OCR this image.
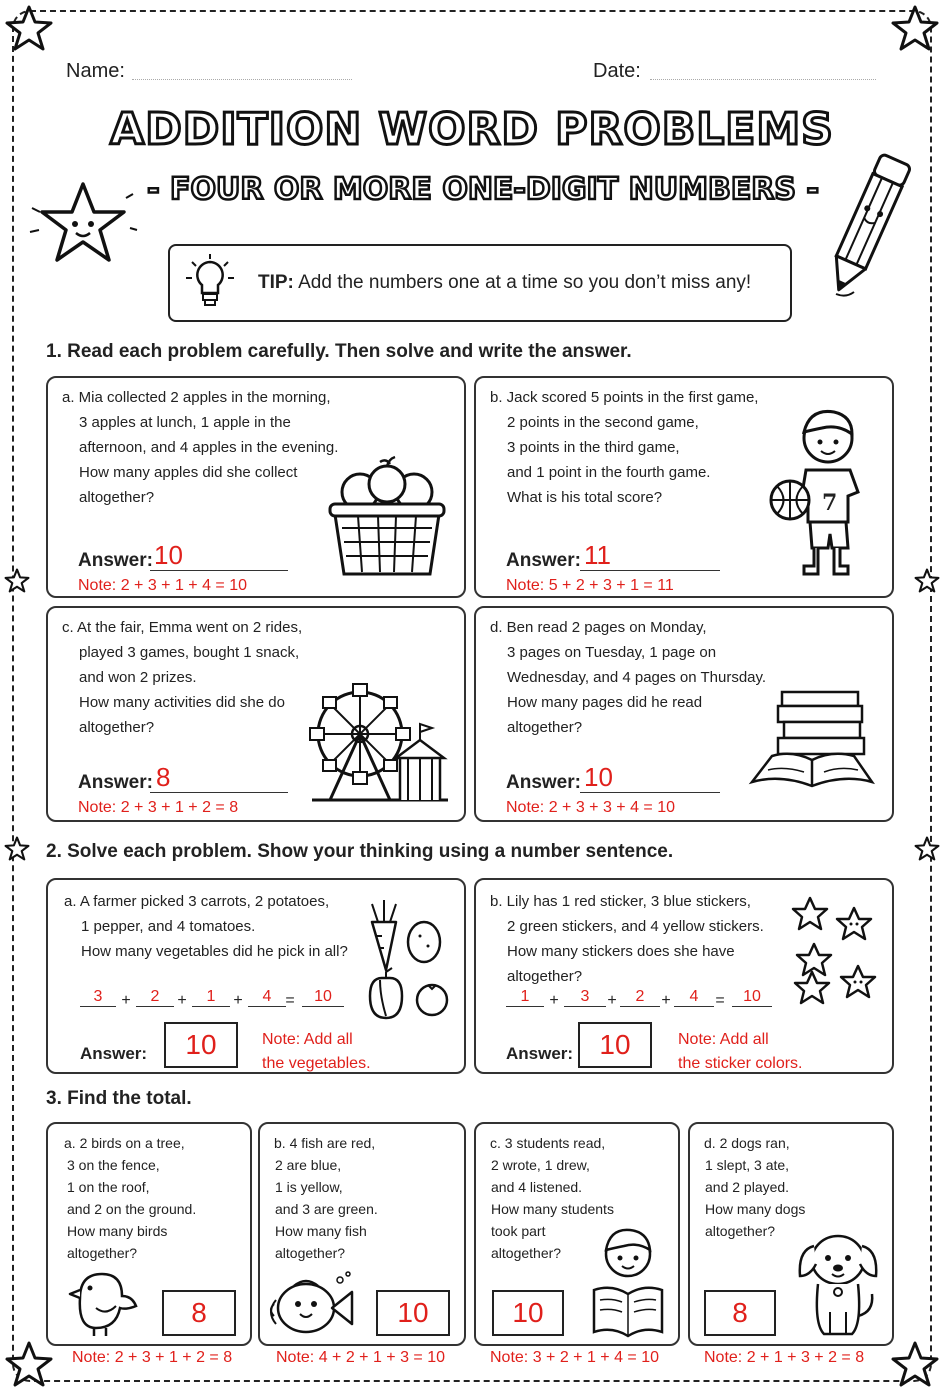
Name:	Date:
ADDITION WORD PROBLEMS
- FOUR OR MORE ONE-DIGIT NUMBERS -
TIP: Add the numbers one at a time so you don’t miss any!
1. Read each problem carefully. Then solve and write the answer.
a. Mia collected 2 apples in the morning,
3 apples at lunch, 1 apple in the
afternoon, and 4 apples in the evening.
How many apples did she collect
altogether?
Answer: 10
Note: 2 + 3 + 1 + 4 = 10
b. Jack scored 5 points in the first game,
2 points in the second game,
3 points in the third game,
and 1 point in the fourth game.
What is his total score?	7
Answer: 11
Note: 5 + 2 + 3 + 1 = 11
c. At the fair, Emma went on 2 rides,
played 3 games, bought 1 snack,
and won 2 prizes.
How many activities did she do
altogether?
Answer: 8
Note: 2 + 3 + 1 + 2 = 8
d. Ben read 2 pages on Monday,
3 pages on Tuesday, 1 page on
Wednesday, and 4 pages on Thursday.
How many pages did he read
altogether?
Answer: 10
Note: 2 + 3 + 3 + 4 = 10
2. Solve each problem. Show your thinking using a number sentence.
a. A farmer picked 3 carrots, 2 potatoes,
1 pepper, and 4 tomatoes.
How many vegetables did he pick in all?
3	+	2	+	1	+	4 =	10
Answer:	10	Note: Add all
the vegetables.
b. Lily has 1 red sticker, 3 blue stickers,
2 green stickers, and 4 yellow stickers.
How many stickers does she have
altogether?
1	+	3	+	2	+	4	=	10
Answer: 10	Note: Add all
the sticker colors.
3. Find the total.
a. 2 birds on a tree,
3 on the fence,
1 on the roof,
and 2 on the ground.
How many birds
altogether?
8
Note: 2 + 3 + 1 + 2 = 8
b. 4 fish are red,
2 are blue,
1 is yellow,
and 3 are green.
How many fish
altogether?
10
Note: 4 + 2 + 1 + 3 = 10
c. 3 students read,
2 wrote, 1 drew,
and 4 listened.
How many students
took part
altogether?
10
Note: 3 + 2 + 1 + 4 = 10
d. 2 dogs ran,
1 slept, 3 ate,
and 2 played.
How many dogs
altogether?
8
Note: 2 + 1 + 3 + 2 = 8
